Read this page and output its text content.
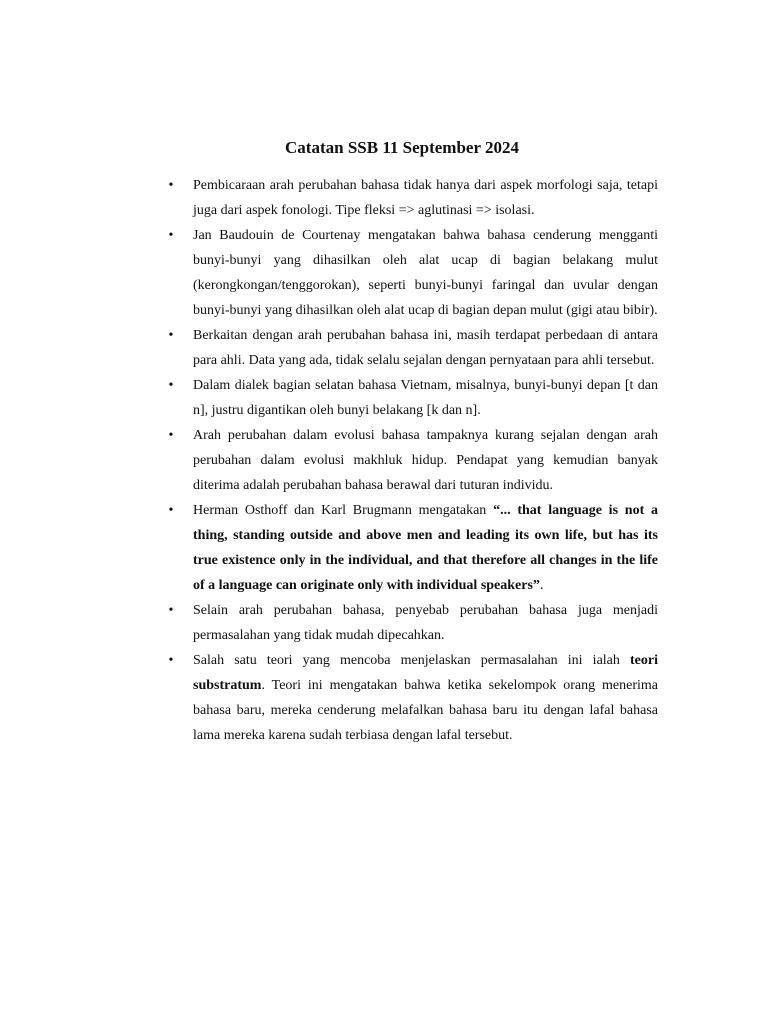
Catatan SSB 11 September 2024
•
Pembicaraan arah perubahan bahasa tidak hanya dari aspek morfologi saja, tetapi juga dari aspek fonologi. Tipe fleksi => aglutinasi => isolasi.
•
Jan Baudouin de Courtenay mengatakan bahwa bahasa cenderung mengganti bunyi-bunyi yang dihasilkan oleh alat ucap di bagian belakang mulut (kerongkongan/tenggorokan), seperti bunyi-bunyi faringal dan uvular dengan bunyi-bunyi yang dihasilkan oleh alat ucap di bagian depan mulut (gigi atau bibir).
•
Berkaitan dengan arah perubahan bahasa ini, masih terdapat perbedaan di antara para ahli. Data yang ada, tidak selalu sejalan dengan pernyataan para ahli tersebut.
•
Dalam dialek bagian selatan bahasa Vietnam, misalnya, bunyi-bunyi depan [t dan n], justru digantikan oleh bunyi belakang [k dan n].
•
Arah perubahan dalam evolusi bahasa tampaknya kurang sejalan dengan arah perubahan dalam evolusi makhluk hidup. Pendapat yang kemudian banyak diterima adalah perubahan bahasa berawal dari tuturan individu.
•
Herman Osthoff dan Karl Brugmann mengatakan “... that language is not a thing, standing outside and above men and leading its own life, but has its true existence only in the individual, and that therefore all changes in the life of a language can originate only with individual speakers”.
•
Selain arah perubahan bahasa, penyebab perubahan bahasa juga menjadi permasalahan yang tidak mudah dipecahkan.
•
Salah satu teori yang mencoba menjelaskan permasalahan ini ialah teori substratum. Teori ini mengatakan bahwa ketika sekelompok orang menerima bahasa baru, mereka cenderung melafalkan bahasa baru itu dengan lafal bahasa lama mereka karena sudah terbiasa dengan lafal tersebut.
